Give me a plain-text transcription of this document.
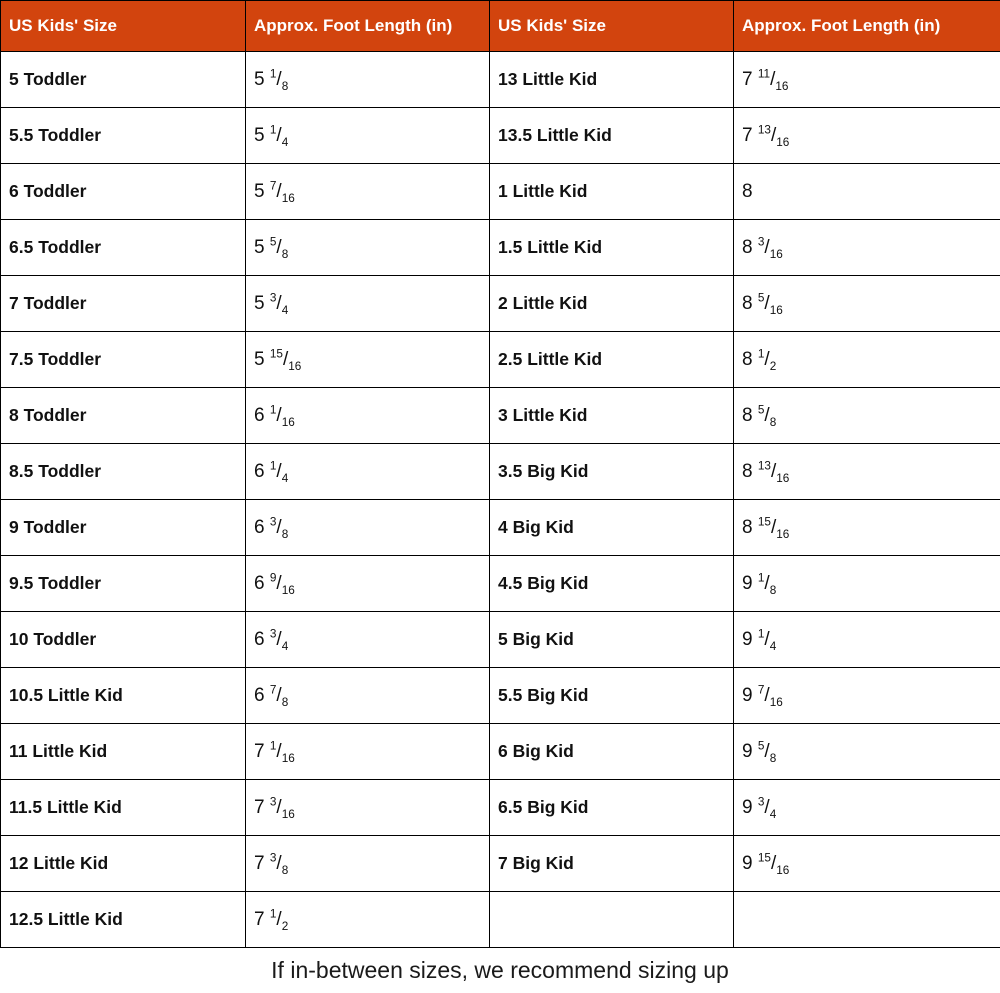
US Kids' Size	Approx. Foot Length (in)	US Kids' Size	Approx. Foot Length (in)
5 Toddler	5 $^1/_8$	13 Little Kid	7 $^{11}/_{16}$
5.5 Toddler	5 $^1/_4$	13.5 Little Kid	7 $^{13}/_{16}$
6 Toddler	5 $^7/_{16}$	1 Little Kid	8
6.5 Toddler	5 $^5/_8$	1.5 Little Kid	8 $^3/_{16}$
7 Toddler	5 $^3/_4$	2 Little Kid	8 $^5/_{16}$
7.5 Toddler	5 $^{15}/_{16}$	2.5 Little Kid	8 $^1/_2$
8 Toddler	6 $^1/_{16}$	3 Little Kid	8 $^5/_8$
8.5 Toddler	6 $^1/_4$	3.5 Big Kid	8 $^{13}/_{16}$
9 Toddler	6 $^3/_8$	4 Big Kid	8 $^{15}/_{16}$
9.5 Toddler	6 $^9/_{16}$	4.5 Big Kid	9 $^1/_8$
10 Toddler	6 $^3/_4$	5 Big Kid	9 $^1/_4$
10.5 Little Kid	6 $^7/_8$	5.5 Big Kid	9 $^7/_{16}$
11 Little Kid	7 $^1/_{16}$	6 Big Kid	9 $^5/_8$
11.5 Little Kid	7 $^3/_{16}$	6.5 Big Kid	9 $^3/_4$
12 Little Kid	7 $^3/_8$	7 Big Kid	9 $^{15}/_{16}$
12.5 Little Kid	7 $^1/_2$		
If in-between sizes, we recommend sizing up
